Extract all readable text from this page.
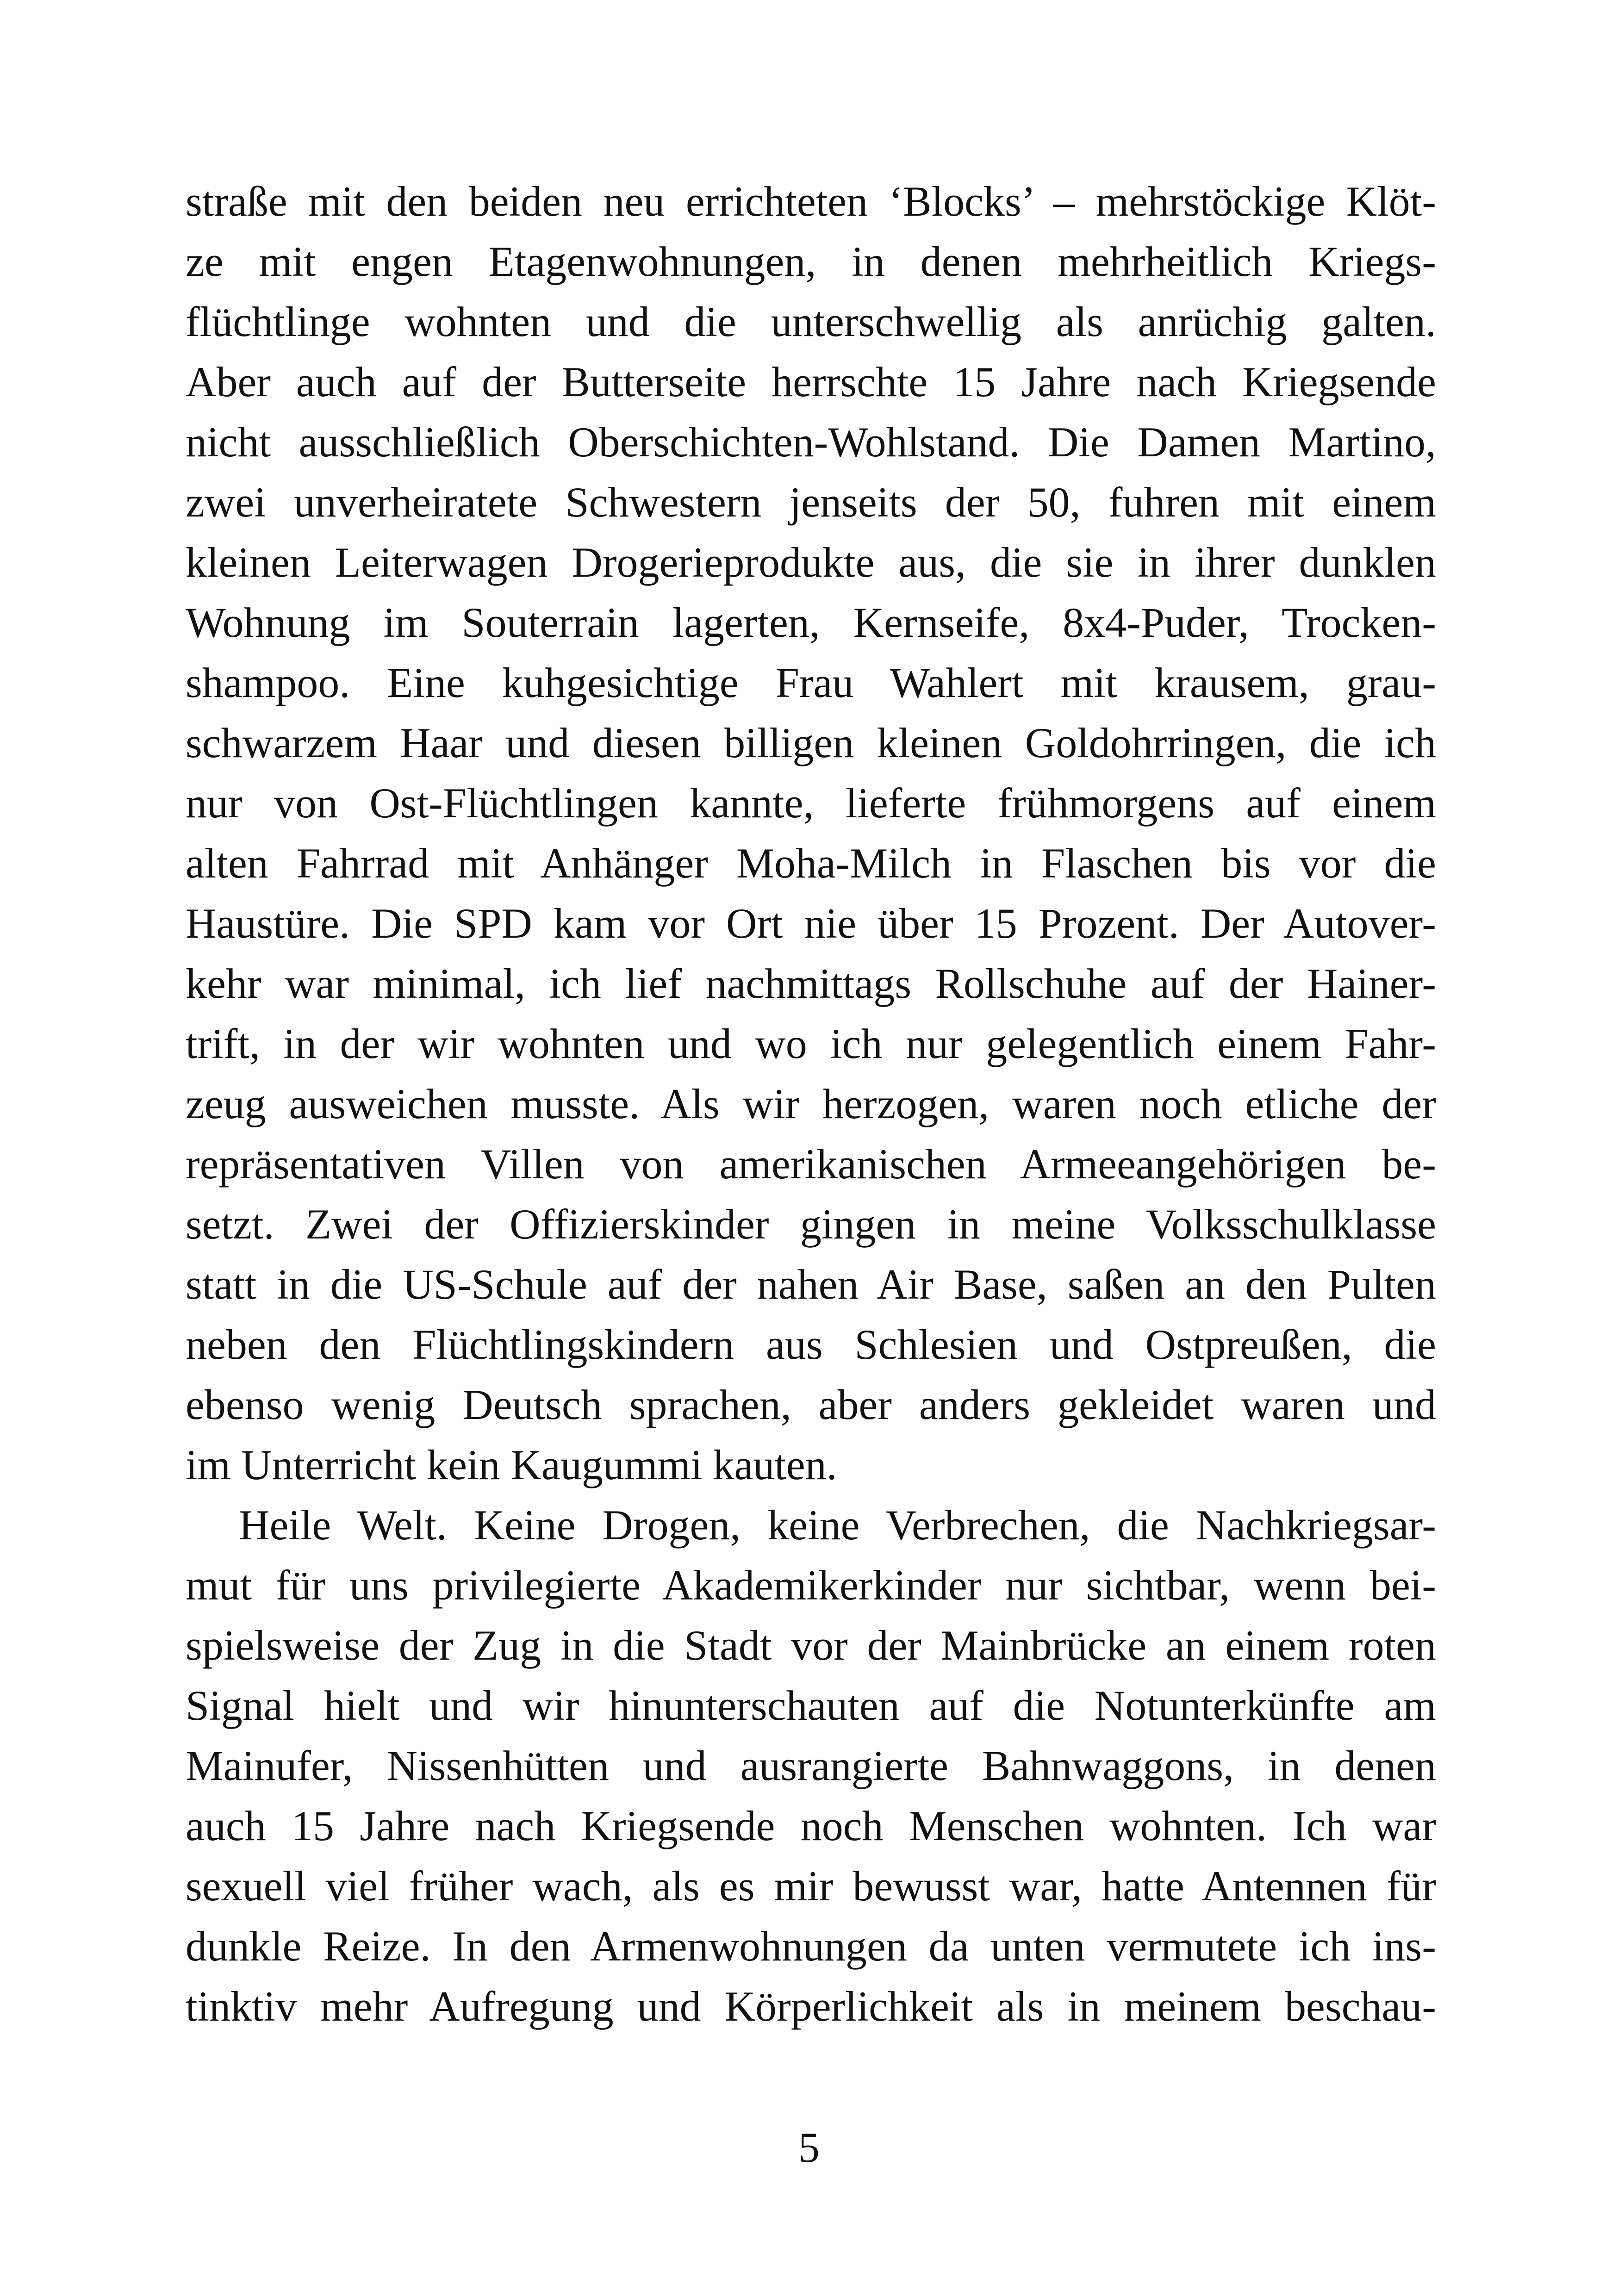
straße mit den beiden neu errichteten ‘Blocks’ – mehrstöckige Klöt-
ze mit engen Etagenwohnungen, in denen mehrheitlich Kriegs-
flüchtlinge wohnten und die unterschwellig als anrüchig galten.
Aber auch auf der Butterseite herrschte 15 Jahre nach Kriegsende
nicht ausschließlich Oberschichten-Wohlstand. Die Damen Martino,
zwei unverheiratete Schwestern jenseits der 50, fuhren mit einem
kleinen Leiterwagen Drogerieprodukte aus, die sie in ihrer dunklen
Wohnung im Souterrain lagerten, Kernseife, 8x4-Puder, Trocken-
shampoo. Eine kuhgesichtige Frau Wahlert mit krausem, grau-
schwarzem Haar und diesen billigen kleinen Goldohrringen, die ich
nur von Ost-Flüchtlingen kannte, lieferte frühmorgens auf einem
alten Fahrrad mit Anhänger Moha-Milch in Flaschen bis vor die
Haustüre. Die SPD kam vor Ort nie über 15 Prozent. Der Autover-
kehr war minimal, ich lief nachmittags Rollschuhe auf der Hainer-
trift, in der wir wohnten und wo ich nur gelegentlich einem Fahr-
zeug ausweichen musste. Als wir herzogen, waren noch etliche der
repräsentativen Villen von amerikanischen Armeeangehörigen be-
setzt. Zwei der Offizierskinder gingen in meine Volksschulklasse
statt in die US-Schule auf der nahen Air Base, saßen an den Pulten
neben den Flüchtlingskindern aus Schlesien und Ostpreußen, die
ebenso wenig Deutsch sprachen, aber anders gekleidet waren und
im Unterricht kein Kaugummi kauten.
Heile Welt. Keine Drogen, keine Verbrechen, die Nachkriegsar-
mut für uns privilegierte Akademikerkinder nur sichtbar, wenn bei-
spielsweise der Zug in die Stadt vor der Mainbrücke an einem roten
Signal hielt und wir hinunterschauten auf die Notunterkünfte am
Mainufer, Nissenhütten und ausrangierte Bahnwaggons, in denen
auch 15 Jahre nach Kriegsende noch Menschen wohnten. Ich war
sexuell viel früher wach, als es mir bewusst war, hatte Antennen für
dunkle Reize. In den Armenwohnungen da unten vermutete ich ins-
tinktiv mehr Aufregung und Körperlichkeit als in meinem beschau-
5
